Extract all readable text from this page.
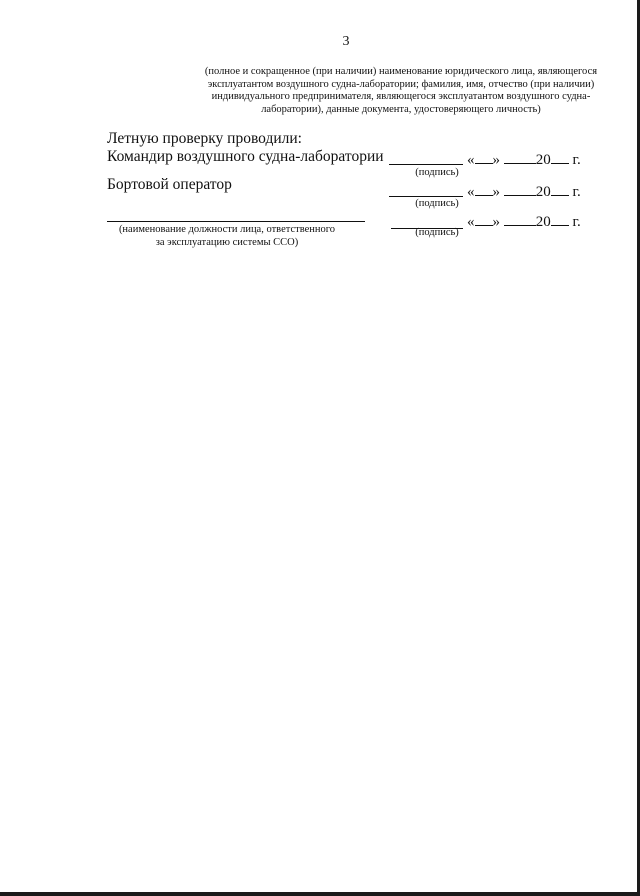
3
(полное и сокращенное (при наличии) наименование юридического лица, являющегося
эксплуатантом воздушного судна-лаборатории; фамилия, имя, отчество (при наличии)
индивидуального предпринимателя, являющегося эксплуатантом воздушного судна-
лаборатории), данные документа, удостоверяющего личность)
Летную проверку проводили:
Командир воздушного судна-лаборатории
(подпись)
« » 20 г.
Бортовой оператор
(подпись)
« » 20 г.
(наименование должности лица, ответственного
за эксплуатацию системы ССО)
(подпись)
« » 20 г.
